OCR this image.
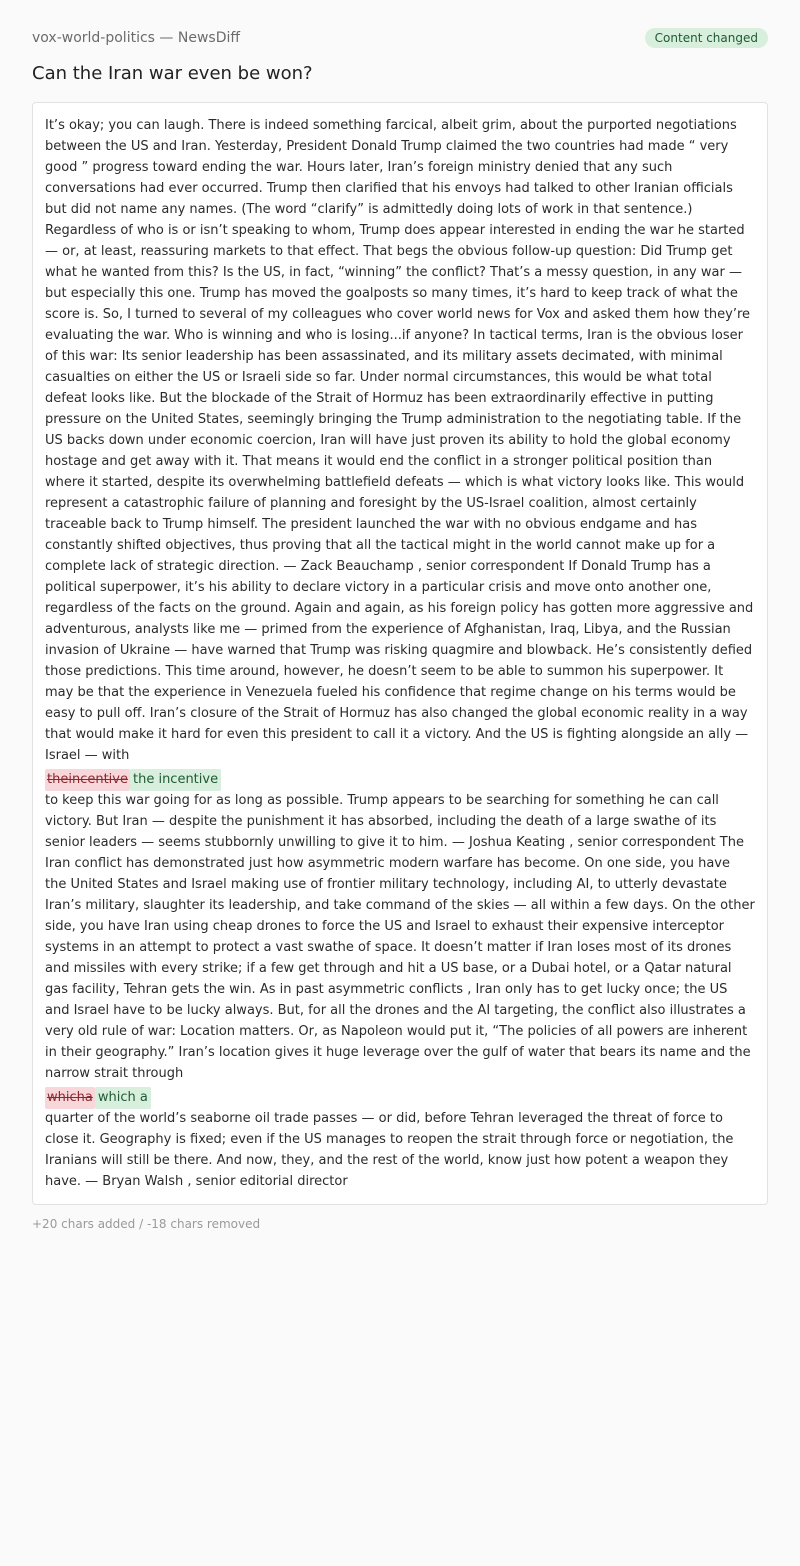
vox-world-politics — NewsDiff	Content changed
Can the Iran war even be won?

It’s okay; you can laugh. There is indeed something farcical, albeit grim, about the purported negotiations between the US and Iran. Yesterday, President Donald Trump claimed the two countries had made “ very good ” progress toward ending the war. Hours later, Iran’s foreign ministry denied that any such conversations had ever occurred. Trump then clarified that his envoys had talked to other Iranian officials but did not name any names. (The word “clarify” is admittedly doing lots of work in that sentence.) Regardless of who is or isn’t speaking to whom, Trump does appear interested in ending the war he started — or, at least, reassuring markets to that effect. That begs the obvious follow-up question: Did Trump get what he wanted from this? Is the US, in fact, “winning” the conflict? That’s a messy question, in any war — but especially this one. Trump has moved the goalposts so many times, it’s hard to keep track of what the score is. So, I turned to several of my colleagues who cover world news for Vox and asked them how they’re evaluating the war. Who is winning and who is losing...if anyone? In tactical terms, Iran is the obvious loser of this war: Its senior leadership has been assassinated, and its military assets decimated, with minimal casualties on either the US or Israeli side so far. Under normal circumstances, this would be what total defeat looks like. But the blockade of the Strait of Hormuz has been extraordinarily effective in putting pressure on the United States, seemingly bringing the Trump administration to the negotiating table. If the US backs down under economic coercion, Iran will have just proven its ability to hold the global economy hostage and get away with it. That means it would end the conflict in a stronger political position than where it started, despite its overwhelming battlefield defeats — which is what victory looks like. This would represent a catastrophic failure of planning and foresight by the US-Israel coalition, almost certainly traceable back to Trump himself. The president launched the war with no obvious endgame and has constantly shifted objectives, thus proving that all the tactical might in the world cannot make up for a complete lack of strategic direction. — Zack Beauchamp , senior correspondent If Donald Trump has a political superpower, it’s his ability to declare victory in a particular crisis and move onto another one, regardless of the facts on the ground. Again and again, as his foreign policy has gotten more aggressive and adventurous, analysts like me — primed from the experience of Afghanistan, Iraq, Libya, and the Russian invasion of Ukraine — have warned that Trump was risking quagmire and blowback. He’s consistently defied those predictions. This time around, however, he doesn’t seem to be able to summon his superpower. It may be that the experience in Venezuela fueled his confidence that regime change on his terms would be easy to pull off. Iran’s closure of the Strait of Hormuz has also changed the global economic reality in a way that would make it hard for even this president to call it a victory. And the US is fighting alongside an ally — Israel — with

theincentive the incentive

to keep this war going for as long as possible. Trump appears to be searching for something he can call victory. But Iran — despite the punishment it has absorbed, including the death of a large swathe of its senior leaders — seems stubbornly unwilling to give it to him. — Joshua Keating , senior correspondent The Iran conflict has demonstrated just how asymmetric modern warfare has become. On one side, you have the United States and Israel making use of frontier military technology, including AI, to utterly devastate Iran’s military, slaughter its leadership, and take command of the skies — all within a few days. On the other side, you have Iran using cheap drones to force the US and Israel to exhaust their expensive interceptor systems in an attempt to protect a vast swathe of space. It doesn’t matter if Iran loses most of its drones and missiles with every strike; if a few get through and hit a US base, or a Dubai hotel, or a Qatar natural gas facility, Tehran gets the win. As in past asymmetric conflicts , Iran only has to get lucky once; the US and Israel have to be lucky always. But, for all the drones and the AI targeting, the conflict also illustrates a very old rule of war: Location matters. Or, as Napoleon would put it, “The policies of all powers are inherent in their geography.” Iran’s location gives it huge leverage over the gulf of water that bears its name and the narrow strait through

whicha which a

quarter of the world’s seaborne oil trade passes — or did, before Tehran leveraged the threat of force to close it. Geography is fixed; even if the US manages to reopen the strait through force or negotiation, the Iranians will still be there. And now, they, and the rest of the world, know just how potent a weapon they have. — Bryan Walsh , senior editorial director

+20 chars added / -18 chars removed
